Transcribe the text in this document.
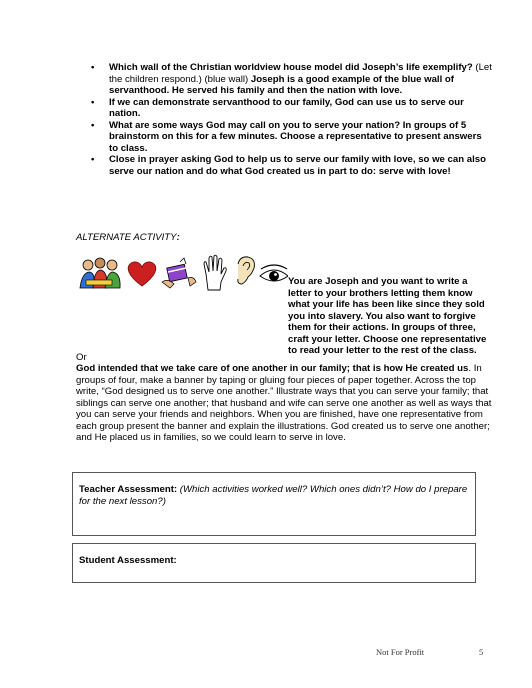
• Which wall of the Christian worldview house model did Joseph’s life exemplify? (Let the children respond.) (blue wall) Joseph is a good example of the blue wall of servanthood. He served his family and then the nation with love.
• If we can demonstrate servanthood to our family, God can use us to serve our nation.
• What are some ways God may call on you to serve your nation? In groups of 5 brainstorm on this for a few minutes. Choose a representative to present answers to class.
• Close in prayer asking God to help us to serve our family with love, so we can also serve our nation and do what God created us in part to do: serve with love!
ALTERNATE ACTIVITY:
You are Joseph and you want to write a letter to your brothers letting them know what your life has been like since they sold you into slavery. You also want to forgive them for their actions. In groups of three, craft your letter. Choose one representative to read your letter to the rest of the class.
Or
God intended that we take care of one another in our family; that is how He created us. In groups of four, make a banner by taping or gluing four pieces of paper together. Across the top write, “God designed us to serve one another.” Illustrate ways that you can serve your family; that siblings can serve one another; that husband and wife can serve one another as well as ways that you can serve your friends and neighbors. When you are finished, have one representative from each group present the banner and explain the illustrations. God created us to serve one another; and He placed us in families, so we could learn to serve in love.
Teacher Assessment: (Which activities worked well? Which ones didn’t? How do I prepare for the next lesson?)
Student Assessment:
Not For Profit	5
